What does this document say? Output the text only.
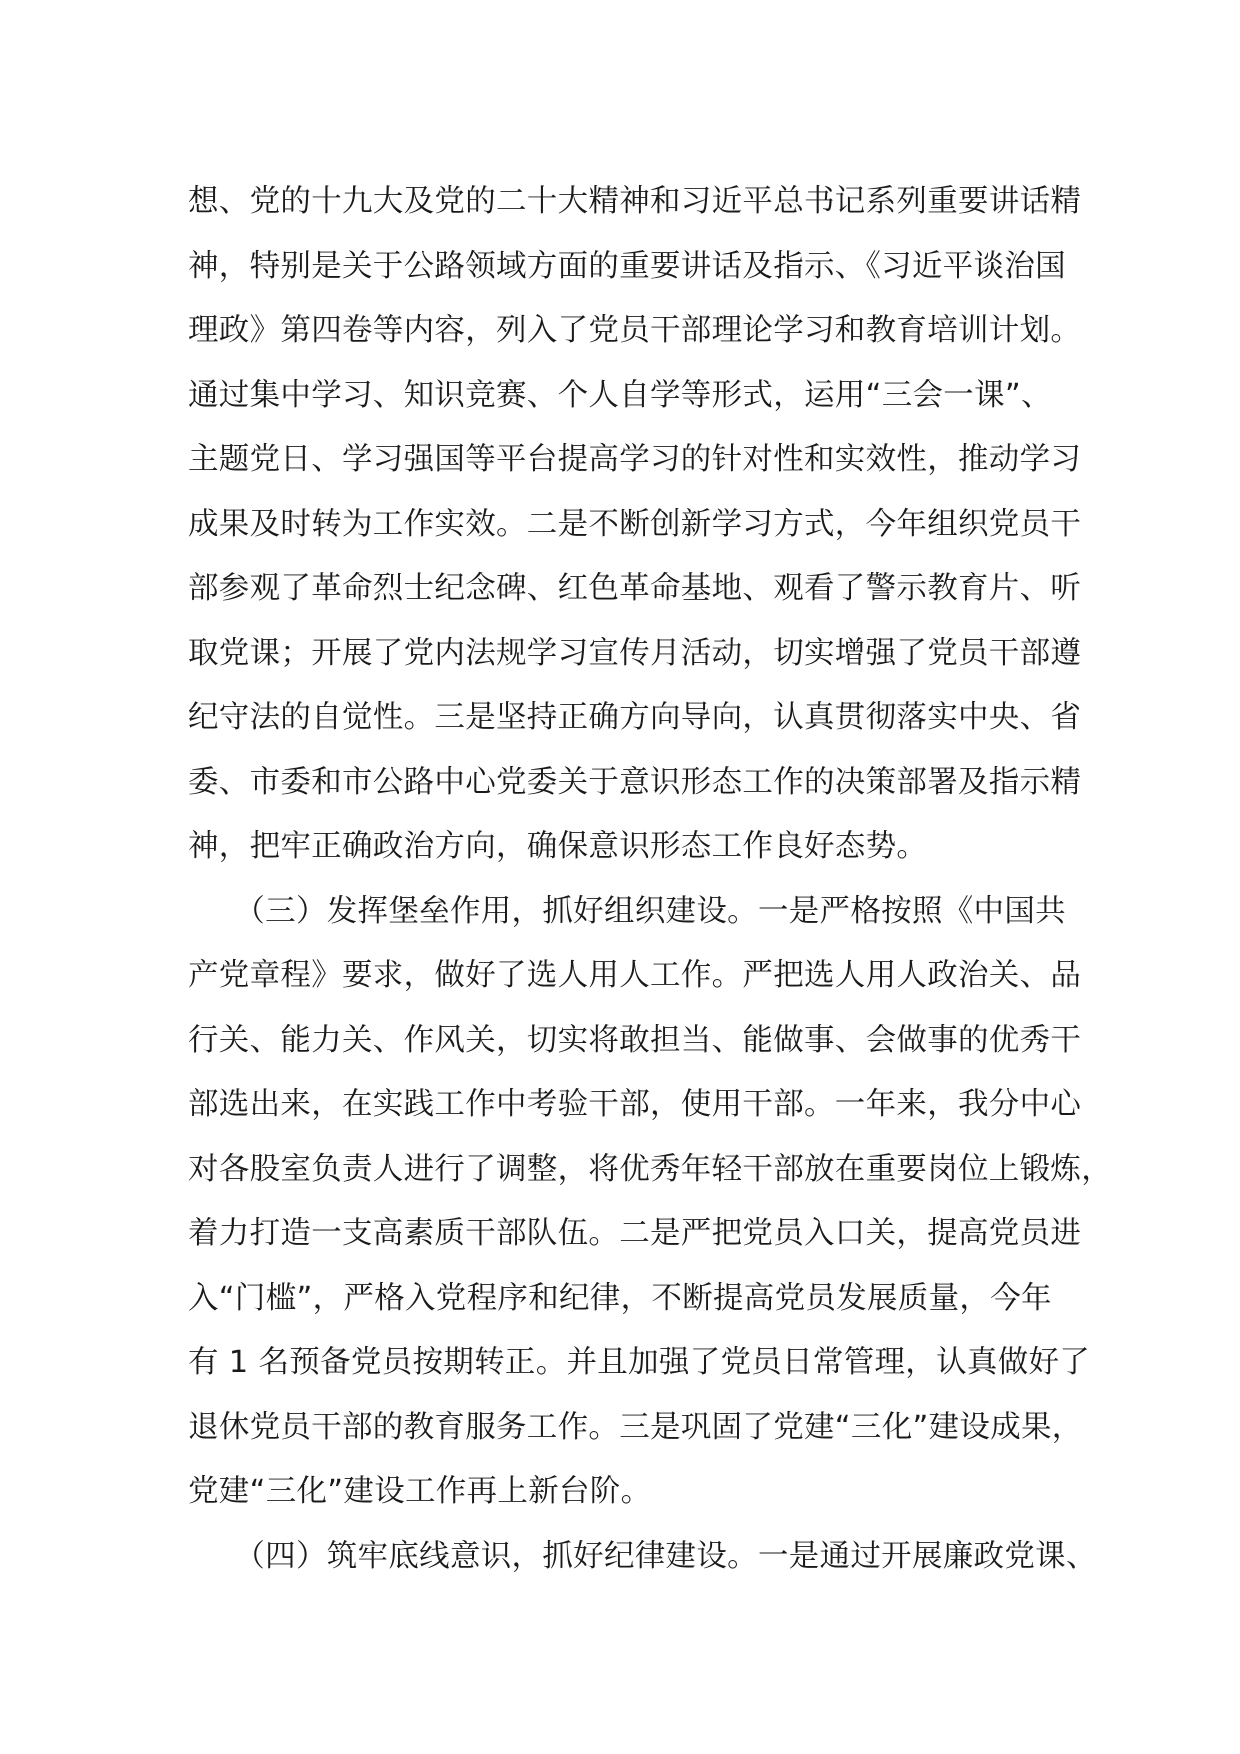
想、党的十九大及党的二十大精神和习近平总书记系列重要讲话精
神，特别是关于公路领域方面的重要讲话及指示、《习近平谈治国
理政》第四卷等内容，列入了党员干部理论学习和教育培训计划。
通过集中学习、知识竞赛、个人自学等形式，运用“三会一课”、
主题党日、学习强国等平台提高学习的针对性和实效性，推动学习
成果及时转为工作实效。二是不断创新学习方式，今年组织党员干
部参观了革命烈士纪念碑、红色革命基地、观看了警示教育片、听
取党课；开展了党内法规学习宣传月活动，切实增强了党员干部遵
纪守法的自觉性。三是坚持正确方向导向，认真贯彻落实中央、省
委、市委和市公路中心党委关于意识形态工作的决策部署及指示精
神，把牢正确政治方向，确保意识形态工作良好态势。
　　（三）发挥堡垒作用，抓好组织建设。一是严格按照《中国共
产党章程》要求，做好了选人用人工作。严把选人用人政治关、品
行关、能力关、作风关，切实将敢担当、能做事、会做事的优秀干
部选出来，在实践工作中考验干部，使用干部。一年来，我分中心
对各股室负责人进行了调整，将优秀年轻干部放在重要岗位上锻炼，
着力打造一支高素质干部队伍。二是严把党员入口关，提高党员进
入“门槛”，严格入党程序和纪律，不断提高党员发展质量，今年
有 1 名预备党员按期转正。并且加强了党员日常管理，认真做好了
退休党员干部的教育服务工作。三是巩固了党建“三化”建设成果，
党建“三化”建设工作再上新台阶。
　　（四）筑牢底线意识，抓好纪律建设。一是通过开展廉政党课、
